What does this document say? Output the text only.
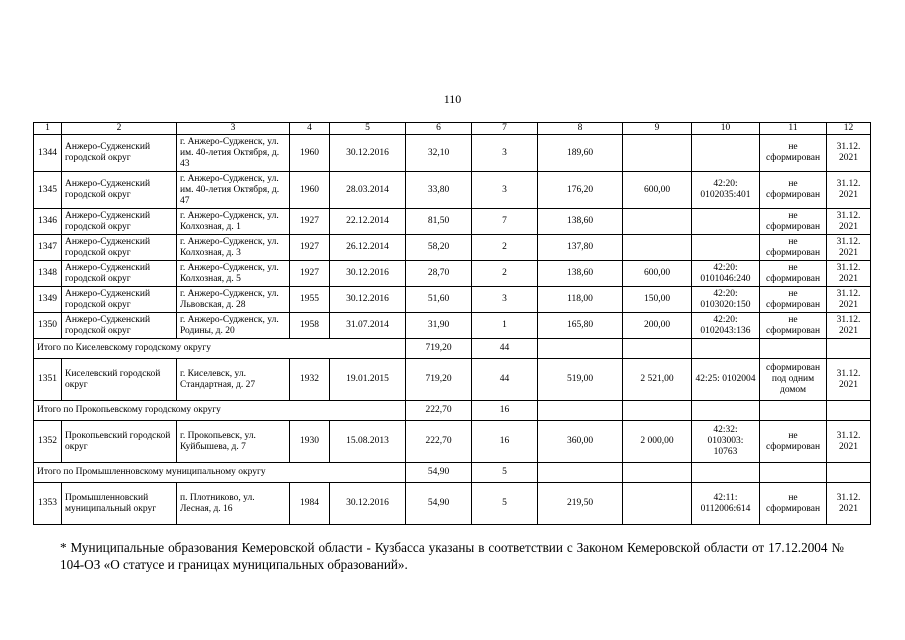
110
1	2	3	4	5	6	7	8	9	10	11	12
1344	Анжеро-Судженский городской округ	г. Анжеро-Судженск, ул. им. 40-летия Октября, д. 43	1960	30.12.2016	32,10	3	189,60			не сформирован	31.12. 2021
1345	Анжеро-Судженский городской округ	г. Анжеро-Судженск, ул. им. 40-летия Октября, д. 47	1960	28.03.2014	33,80	3	176,20	600,00	42:20: 0102035:401	не сформирован	31.12. 2021
1346	Анжеро-Судженский городской округ	г. Анжеро-Судженск, ул. Колхозная, д. 1	1927	22.12.2014	81,50	7	138,60			не сформирован	31.12. 2021
1347	Анжеро-Судженский городской округ	г. Анжеро-Судженск, ул. Колхозная, д. 3	1927	26.12.2014	58,20	2	137,80			не сформирован	31.12. 2021
1348	Анжеро-Судженский городской округ	г. Анжеро-Судженск, ул. Колхозная, д. 5	1927	30.12.2016	28,70	2	138,60	600,00	42:20: 0101046:240	не сформирован	31.12. 2021
1349	Анжеро-Судженский городской округ	г. Анжеро-Судженск, ул. Львовская, д. 28	1955	30.12.2016	51,60	3	118,00	150,00	42:20: 0103020:150	не сформирован	31.12. 2021
1350	Анжеро-Судженский городской округ	г. Анжеро-Судженск, ул. Родины, д. 20	1958	31.07.2014	31,90	1	165,80	200,00	42:20: 0102043:136	не сформирован	31.12. 2021
Итого по Киселевскому городскому округу					719,20	44					
1351	Киселевский городской округ	г. Киселевск, ул. Стандартная, д. 27	1932	19.01.2015	719,20	44	519,00	2 521,00	42:25: 0102004	сформирован под одним домом	31.12. 2021
Итого по Прокопьевскому городскому округу					222,70	16					
1352	Прокопьевский городской округ	г. Прокопьевск, ул. Куйбышева, д. 7	1930	15.08.2013	222,70	16	360,00	2 000,00	42:32: 0103003: 10763	не сформирован	31.12. 2021
Итого по Промышленновскому муниципальному округу					54,90	5					
1353	Промышленновский муниципальный округ	п. Плотниково, ул. Лесная, д. 16	1984	30.12.2016	54,90	5	219,50		42:11: 0112006:614	не сформирован	31.12. 2021
* Муниципальные образования Кемеровской области - Кузбасса указаны в соответствии с Законом Кемеровской области от 17.12.2004 № 104-ОЗ «О статусе и границах муниципальных образований».
